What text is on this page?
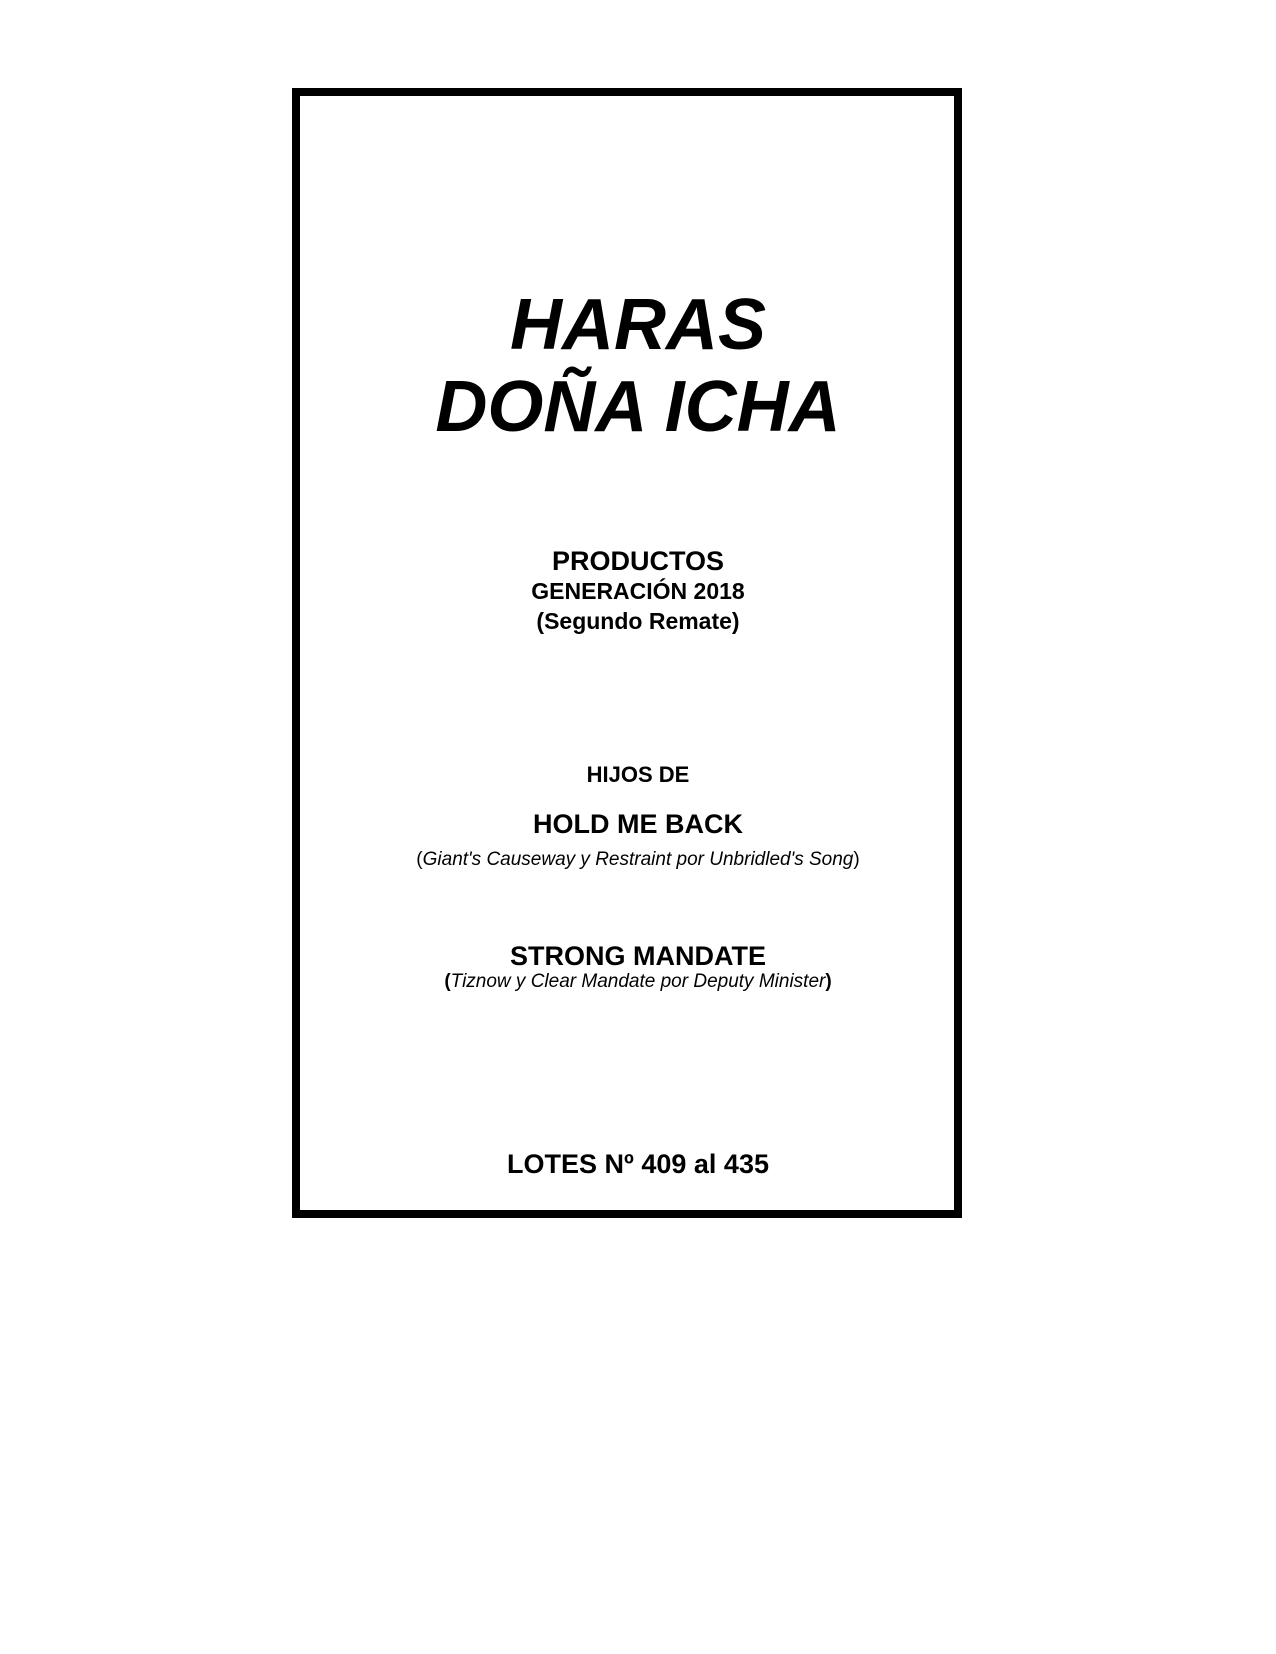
HARAS
DOÑA ICHA

PRODUCTOS

GENERACIÓN 2018

(Segundo Remate)

HIJOS DE

HOLD ME BACK

(Giant's Causeway y Restraint por Unbridled's Song)

STRONG MANDATE

(Tiznow y Clear Mandate por Deputy Minister)

LOTES Nº 409 al 435
